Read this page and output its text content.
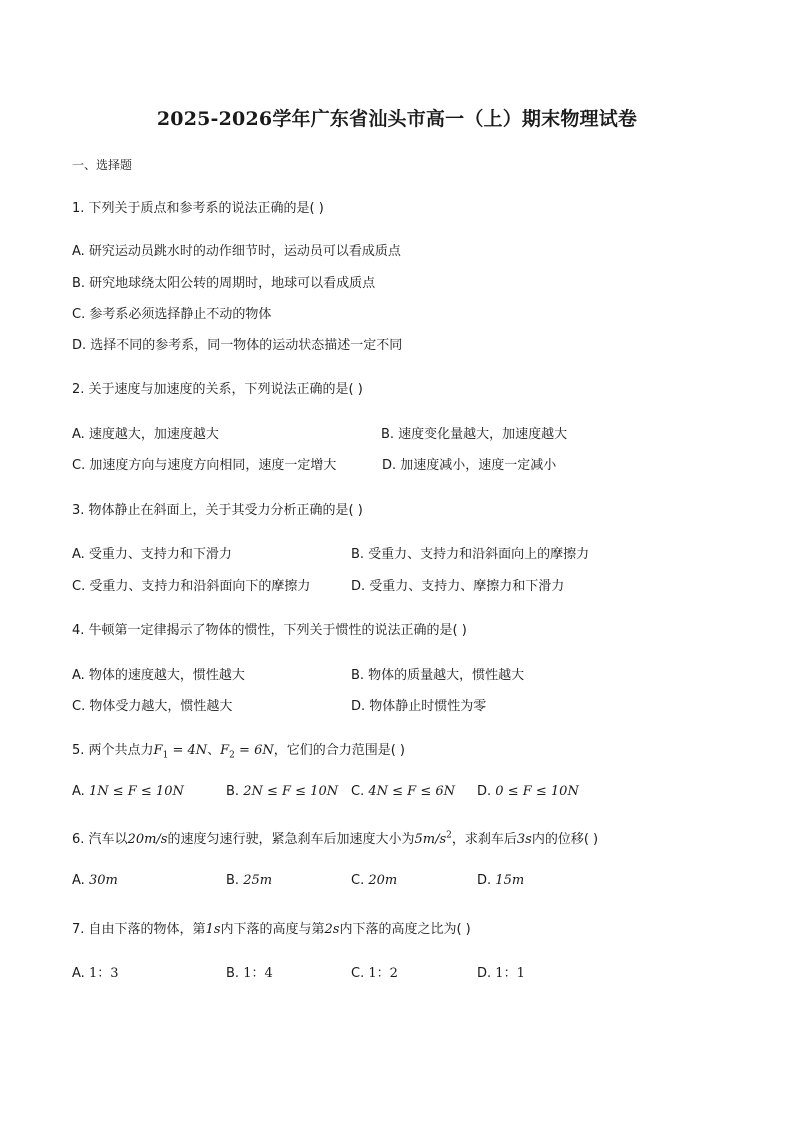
2025-2026学年广东省汕头市高一（上）期末物理试卷
一、选择题
1. 下列关于质点和参考系的说法正确的是( )
A. 研究运动员跳水时的动作细节时，运动员可以看成质点
B. 研究地球绕太阳公转的周期时，地球可以看成质点
C. 参考系必须选择静止不动的物体
D. 选择不同的参考系，同一物体的运动状态描述一定不同
2. 关于速度与加速度的关系，下列说法正确的是( )
A. 速度越大，加速度越大	B. 速度变化量越大，加速度越大
C. 加速度方向与速度方向相同，速度一定增大	D. 加速度减小，速度一定减小
3. 物体静止在斜面上，关于其受力分析正确的是( )
A. 受重力、支持力和下滑力	B. 受重力、支持力和沿斜面向上的摩擦力
C. 受重力、支持力和沿斜面向下的摩擦力	D. 受重力、支持力、摩擦力和下滑力
4. 牛顿第一定律揭示了物体的惯性，下列关于惯性的说法正确的是( )
A. 物体的速度越大，惯性越大	B. 物体的质量越大，惯性越大
C. 物体受力越大，惯性越大	D. 物体静止时惯性为零
5. 两个共点力$F_1 = 4N$、$F_2 = 6N$，它们的合力范围是( )
A. 1N ≤ F ≤ 10N	B. 2N ≤ F ≤ 10N C. 4N ≤ F ≤ 6N D. 0 ≤ F ≤ 10N
6. 汽车以20m/s的速度匀速行驶，紧急刹车后加速度大小为$5m/s^2$，求刹车后3s内的位移( )
A. 30m	B. 25m	C. 20m	D. 15m
7. 自由下落的物体，第1s内下落的高度与第2s内下落的高度之比为( )
A. 1：3	B. 1：4	C. 1：2	D. 1：1
